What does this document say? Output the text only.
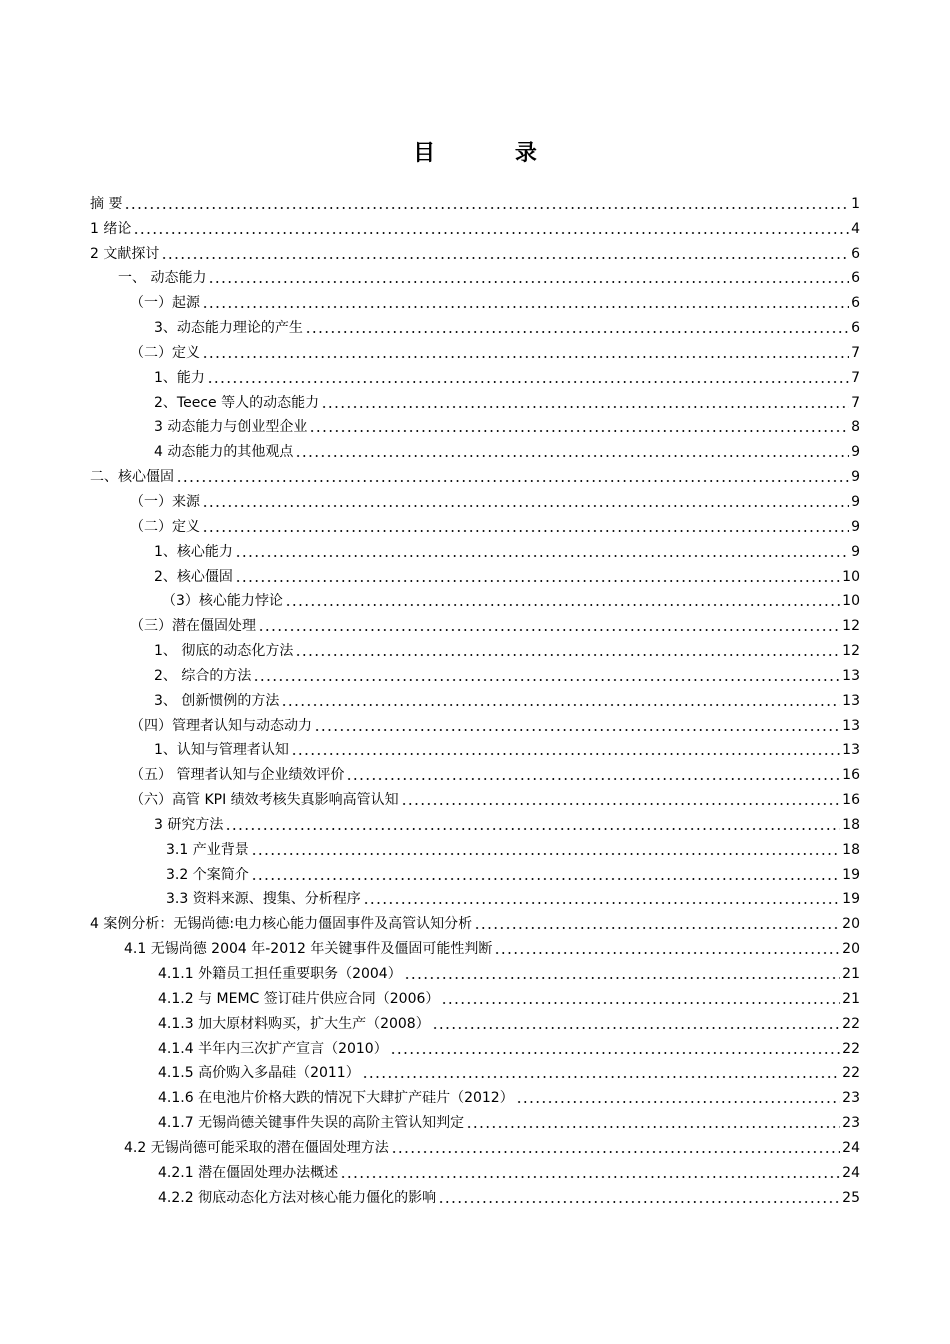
目 录
摘 要	1
1 绪论	4
2 文献探讨	6
一、 动态能力	6
（一）起源	6
3、动态能力理论的产生	6
（二）定义	7
1、能力	7
2、Teece 等人的动态能力	7
3 动态能力与创业型企业	8
4 动态能力的其他观点	9
二、核心僵固	9
（一）来源	9
（二）定义	9
1、核心能力	9
2、核心僵固	10
（3）核心能力悖论	10
（三）潜在僵固处理	12
1、 彻底的动态化方法	12
2、 综合的方法	13
3、 创新惯例的方法	13
（四）管理者认知与动态动力	13
1、认知与管理者认知	13
（五） 管理者认知与企业绩效评价	16
（六）高管 KPI 绩效考核失真影响高管认知	16
3 研究方法	18
3.1 产业背景	18
3.2 个案简介	19
3.3 资料来源、搜集、分析程序	19
4 案例分析：无锡尚德:电力核心能力僵固事件及高管认知分析	20
4.1 无锡尚德 2004 年-2012 年关键事件及僵固可能性判断	20
4.1.1 外籍员工担任重要职务（2004）	21
4.1.2 与 MEMC 签订硅片供应合同（2006）	21
4.1.3 加大原材料购买，扩大生产（2008）	22
4.1.4 半年内三次扩产宣言（2010）	22
4.1.5 高价购入多晶硅（2011）	22
4.1.6 在电池片价格大跌的情况下大肆扩产硅片（2012）	23
4.1.7 无锡尚德关键事件失误的高阶主管认知判定	23
4.2 无锡尚德可能采取的潜在僵固处理方法	24
4.2.1 潜在僵固处理办法概述	24
4.2.2 彻底动态化方法对核心能力僵化的影响	25
